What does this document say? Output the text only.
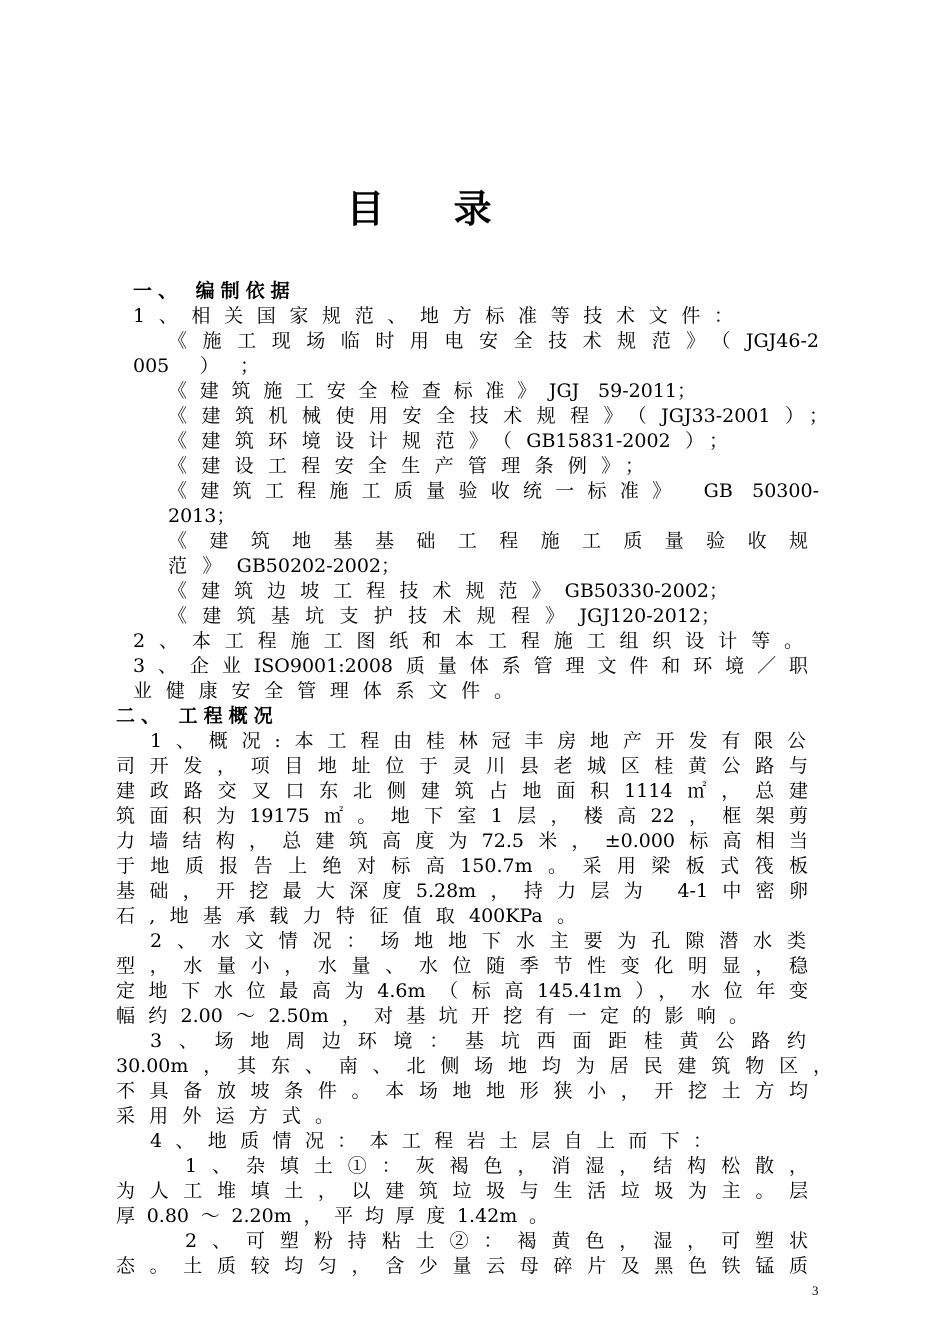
目 录
一、 编制依据
1、相关国家规范、地方标准等技术文件：
《施工现场临时用电安全技术规范》（JGJ46-2
005）；
《建筑施工安全检查标准》JGJ 59-2011；
《建筑机械使用安全技术规程》（JGJ33-2001）；
《建筑环境设计规范》（GB15831-2002）；
《建设工程安全生产管理条例》；
《建筑工程施工质量验收统一标准》 GB 50300-
2013；
《建筑地基基础工程施工质量验收规
范》GB50202-2002；
《建筑边坡工程技术规范》GB50330-2002；
《建筑基坑支护技术规程》JGJ120-2012；
2、本工程施工图纸和本工程施工组织设计等。
3、企业ISO9001:2008质量体系管理文件和环境／职
业健康安全管理体系文件。
二、 工程概况
1、概况:本工程由桂林冠丰房地产开发有限公
司开发，项目地址位于灵川县老城区桂黄公路与
建政路交叉口东北侧建筑占地面积1114㎡，总建
筑面积为19175㎡。地下室1层，楼高22，框架剪
力墙结构，总建筑高度为72.5米，±0.000标高相当
于地质报告上绝对标高150.7m。采用梁板式筏板
基础，开挖最大深度5.28m，持力层为 4-1中密卵
石,地基承载力特征值取400KPa。
2、水文情况：场地地下水主要为孔隙潜水类
型，水量小，水量、水位随季节性变化明显，稳
定地下水位最高为4.6m（标高145.41m），水位年变
幅约2.00～2.50m，对基坑开挖有一定的影响。
3、场地周边环境：基坑西面距桂黄公路约
30.00m，其东、南、北侧场地均为居民建筑物区，
不具备放坡条件。本场地地形狭小，开挖土方均
采用外运方式。
4、地质情况：本工程岩土层自上而下：
1、杂填土①：灰褐色，消湿，结构松散，
为人工堆填土，以建筑垃圾与生活垃圾为主。层
厚0.80～2.20m，平均厚度1.42m。
2、可塑粉持粘土②：褐黄色，湿，可塑状
态。土质较均匀，含少量云母碎片及黑色铁锰质
3
